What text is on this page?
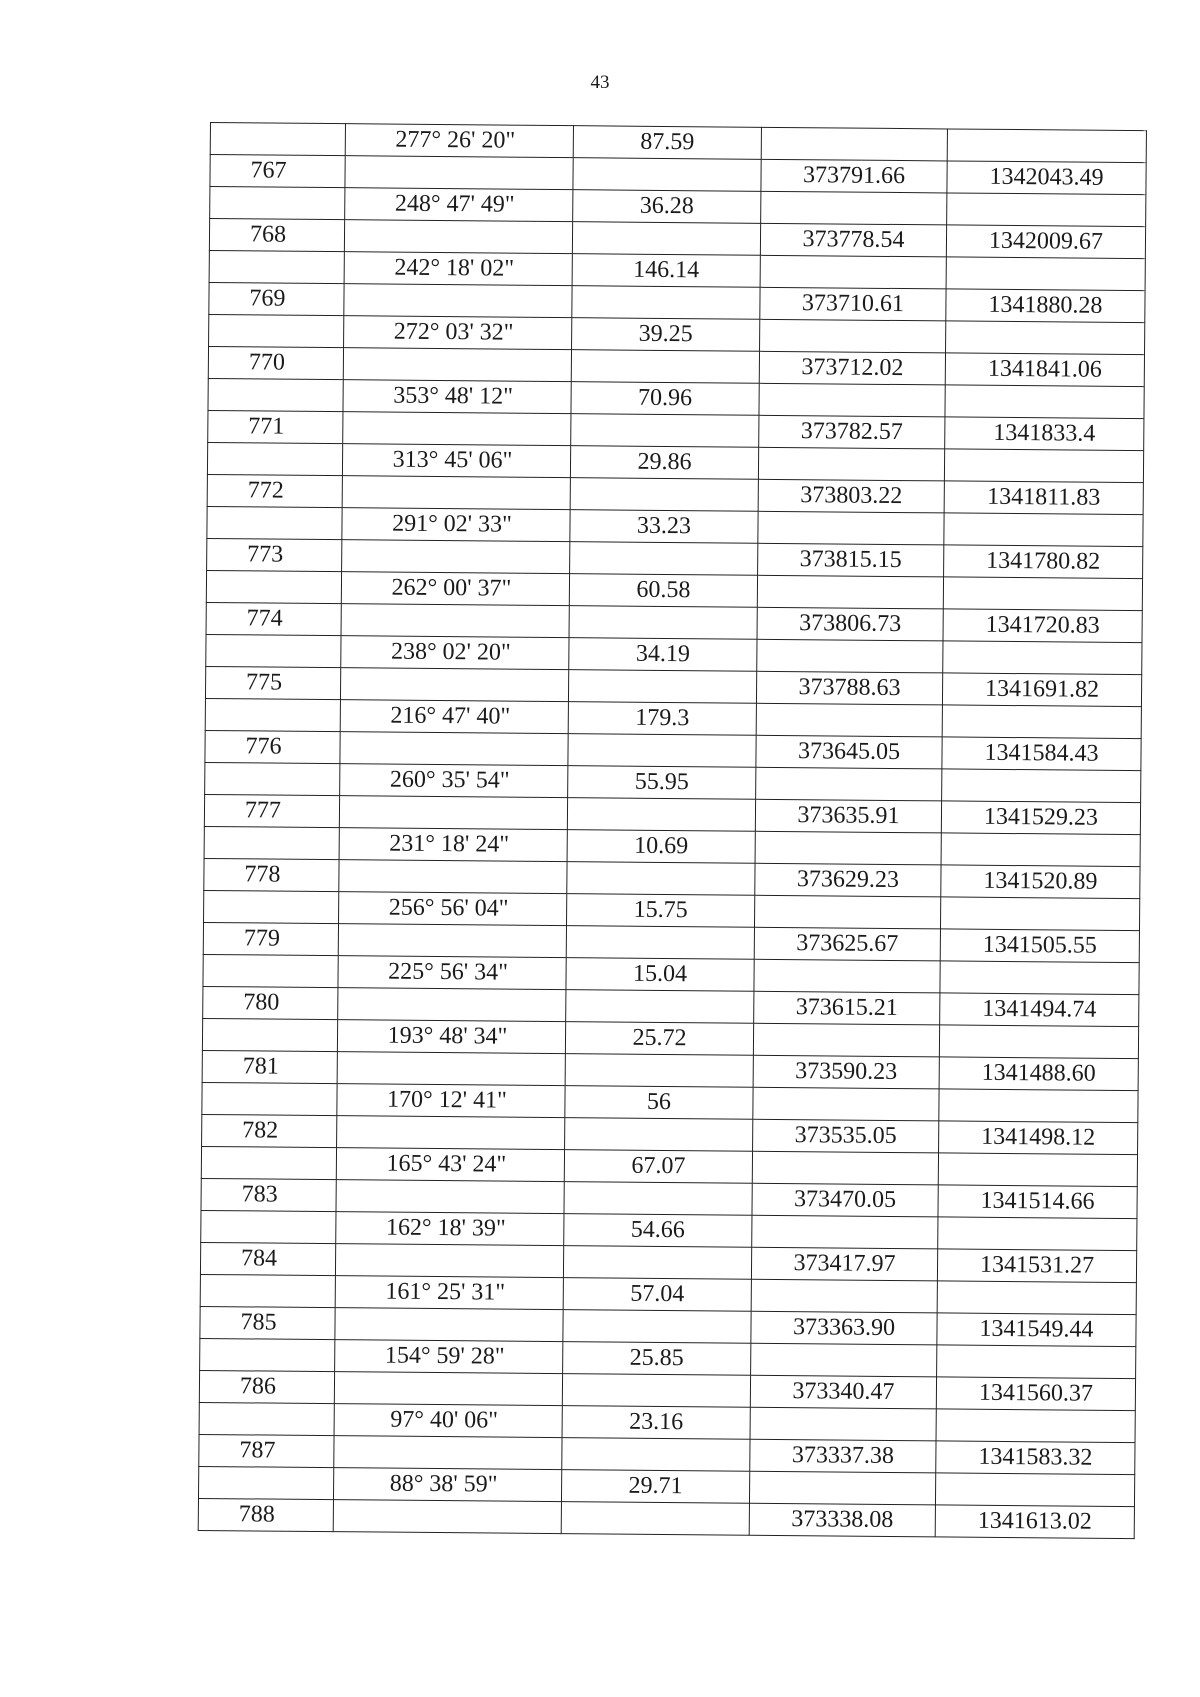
43
	277° 26' 20"	87.59		
767			373791.66	1342043.49
	248° 47' 49"	36.28		
768			373778.54	1342009.67
	242° 18' 02"	146.14		
769			373710.61	1341880.28
	272° 03' 32"	39.25		
770			373712.02	1341841.06
	353° 48' 12"	70.96		
771			373782.57	1341833.4
	313° 45' 06"	29.86		
772			373803.22	1341811.83
	291° 02' 33"	33.23		
773			373815.15	1341780.82
	262° 00' 37"	60.58		
774			373806.73	1341720.83
	238° 02' 20"	34.19		
775			373788.63	1341691.82
	216° 47' 40"	179.3		
776			373645.05	1341584.43
	260° 35' 54"	55.95		
777			373635.91	1341529.23
	231° 18' 24"	10.69		
778			373629.23	1341520.89
	256° 56' 04"	15.75		
779			373625.67	1341505.55
	225° 56' 34"	15.04		
780			373615.21	1341494.74
	193° 48' 34"	25.72		
781			373590.23	1341488.60
	170° 12' 41"	56		
782			373535.05	1341498.12
	165° 43' 24"	67.07		
783			373470.05	1341514.66
	162° 18' 39"	54.66		
784			373417.97	1341531.27
	161° 25' 31"	57.04		
785			373363.90	1341549.44
	154° 59' 28"	25.85		
786			373340.47	1341560.37
	97° 40' 06"	23.16		
787			373337.38	1341583.32
	88° 38' 59"	29.71		
788			373338.08	1341613.02
